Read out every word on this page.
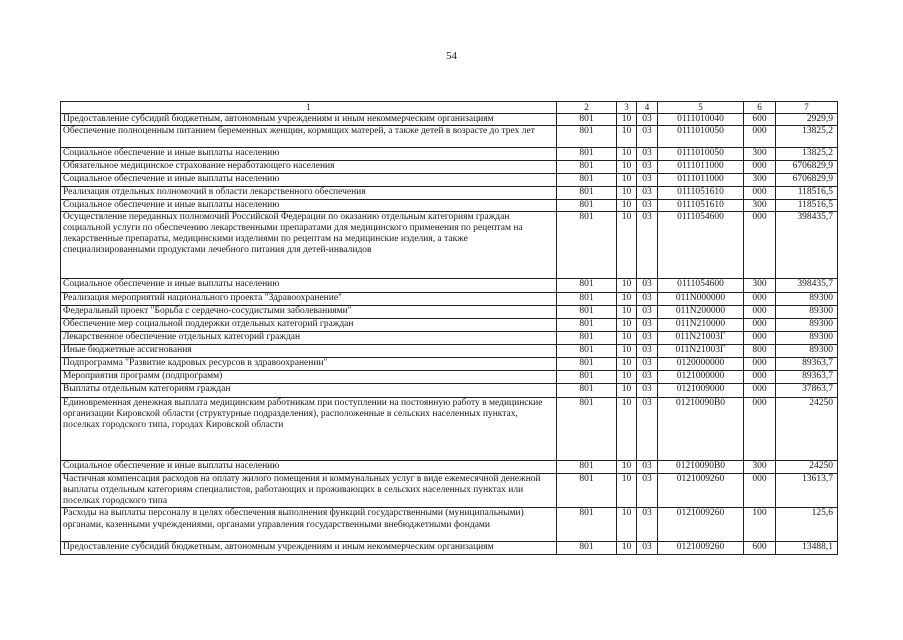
54
1	2	3	4	5	6	7
Предоставление субсидий бюджетным, автономным учреждениям и иным некоммерческим организациям	801	10	03	0111010040	600	2929,9
Обеспечение полноценным питанием беременных женщин, кормящих матерей, а также детей в возрасте до трех лет	801	10	03	0111010050	000	13825,2
Социальное обеспечение и иные выплаты населению	801	10	03	0111010050	300	13825,2
Обязательное медицинское страхование неработающего населения	801	10	03	0111011000	000	6706829,9
Социальное обеспечение и иные выплаты населению	801	10	03	0111011000	300	6706829,9
Реализация отдельных полномочий в области лекарственного обеспечения	801	10	03	0111051610	000	118516,5
Социальное обеспечение и иные выплаты населению	801	10	03	0111051610	300	118516,5
Осуществление переданных полномочий Российской Федерации по оказанию отдельным категориям граждан социальной услуги по обеспечению лекарственными препаратами для медицинского применения по рецептам на лекарственные препараты, медицинскими изделиями по рецептам на медицинские изделия, а также специализированными продуктами лечебного питания для детей-инвалидов	801	10	03	0111054600	000	398435,7
Социальное обеспечение и иные выплаты населению	801	10	03	0111054600	300	398435,7
Реализация мероприятий национального проекта "Здравоохранение"	801	10	03	011N000000	000	89300
Федеральный проект "Борьба с сердечно-сосудистыми заболеваниями"	801	10	03	011N200000	000	89300
Обеспечение мер социальной поддержки отдельных категорий граждан	801	10	03	011N210000	000	89300
Лекарственное обеспечение отдельных категорий граждан	801	10	03	011N21003Г	000	89300
Иные бюджетные ассигнования	801	10	03	011N21003Г	800	89300
Подпрограмма "Развитие кадровых ресурсов в здравоохранении"	801	10	03	0120000000	000	89363,7
Мероприятия программ (подпрограмм)	801	10	03	0121000000	000	89363,7
Выплаты отдельным категориям граждан	801	10	03	0121009000	000	37863,7
Единовременная денежная выплата медицинским работникам при поступлении на постоянную работу в медицинские организации Кировской области (структурные подразделения), расположенные в сельских населенных пунктах, поселках городского типа, городах Кировской области	801	10	03	01210090В0	000	24250
Социальное обеспечение и иные выплаты населению	801	10	03	01210090В0	300	24250
Частичная компенсация расходов на оплату жилого помещения и коммунальных услуг в виде ежемесячной денежной выплаты отдельным категориям специалистов, работающих и проживающих в сельских населенных пунктах или поселках городского типа	801	10	03	0121009260	000	13613,7
Расходы на выплаты персоналу в целях обеспечения выполнения функций государственными (муниципальными) органами, казенными учреждениями, органами управления государственными внебюджетными фондами	801	10	03	0121009260	100	125,6
Предоставление субсидий бюджетным, автономным учреждениям и иным некоммерческим организациям	801	10	03	0121009260	600	13488,1
